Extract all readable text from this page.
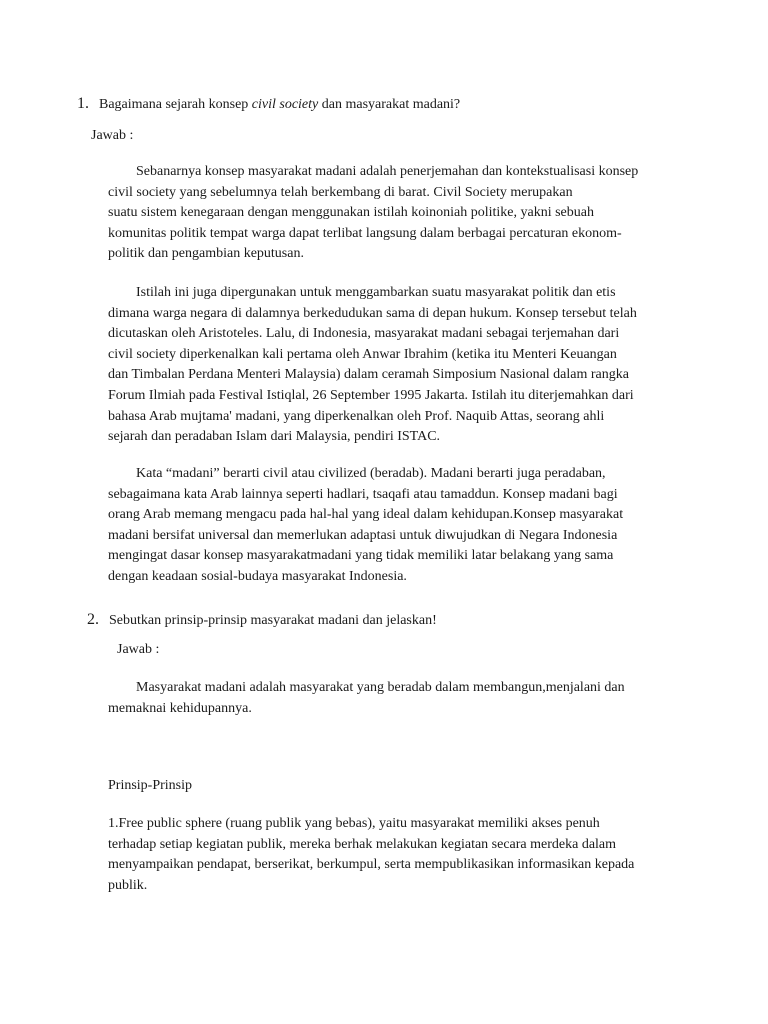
1. Bagaimana sejarah konsep civil society dan masyarakat madani?
Jawab :
Sebanarnya konsep masyarakat madani adalah penerjemahan dan kontekstualisasi konsep
civil society yang sebelumnya telah berkembang di barat. Civil Society merupakan
suatu sistem kenegaraan dengan menggunakan istilah koinoniah politike, yakni sebuah
komunitas politik tempat warga dapat terlibat langsung dalam berbagai percaturan ekonom-
politik dan pengambian keputusan.
Istilah ini juga dipergunakan untuk menggambarkan suatu masyarakat politik dan etis
dimana warga negara di dalamnya berkedudukan sama di depan hukum. Konsep tersebut telah
dicutaskan oleh Aristoteles. Lalu, di Indonesia, masyarakat madani sebagai terjemahan dari
civil society diperkenalkan kali pertama oleh Anwar Ibrahim (ketika itu Menteri Keuangan
dan Timbalan Perdana Menteri Malaysia) dalam ceramah Simposium Nasional dalam rangka
Forum Ilmiah pada Festival Istiqlal, 26 September 1995 Jakarta. Istilah itu diterjemahkan dari
bahasa Arab mujtama' madani, yang diperkenalkan oleh Prof. Naquib Attas, seorang ahli
sejarah dan peradaban Islam dari Malaysia, pendiri ISTAC.
Kata “madani” berarti civil atau civilized (beradab). Madani berarti juga peradaban,
sebagaimana kata Arab lainnya seperti hadlari, tsaqafi atau tamaddun. Konsep madani bagi
orang Arab memang mengacu pada hal-hal yang ideal dalam kehidupan.Konsep masyarakat
madani bersifat universal dan memerlukan adaptasi untuk diwujudkan di Negara Indonesia
mengingat dasar konsep masyarakatmadani yang tidak memiliki latar belakang yang sama
dengan keadaan sosial-budaya masyarakat Indonesia.
2. Sebutkan prinsip-prinsip masyarakat madani dan jelaskan!
Jawab :
Masyarakat madani adalah masyarakat yang beradab dalam membangun,menjalani dan
memaknai kehidupannya.
Prinsip-Prinsip
1.Free public sphere (ruang publik yang bebas), yaitu masyarakat memiliki akses penuh
terhadap setiap kegiatan publik, mereka berhak melakukan kegiatan secara merdeka dalam
menyampaikan pendapat, berserikat, berkumpul, serta mempublikasikan informasikan kepada
publik.
